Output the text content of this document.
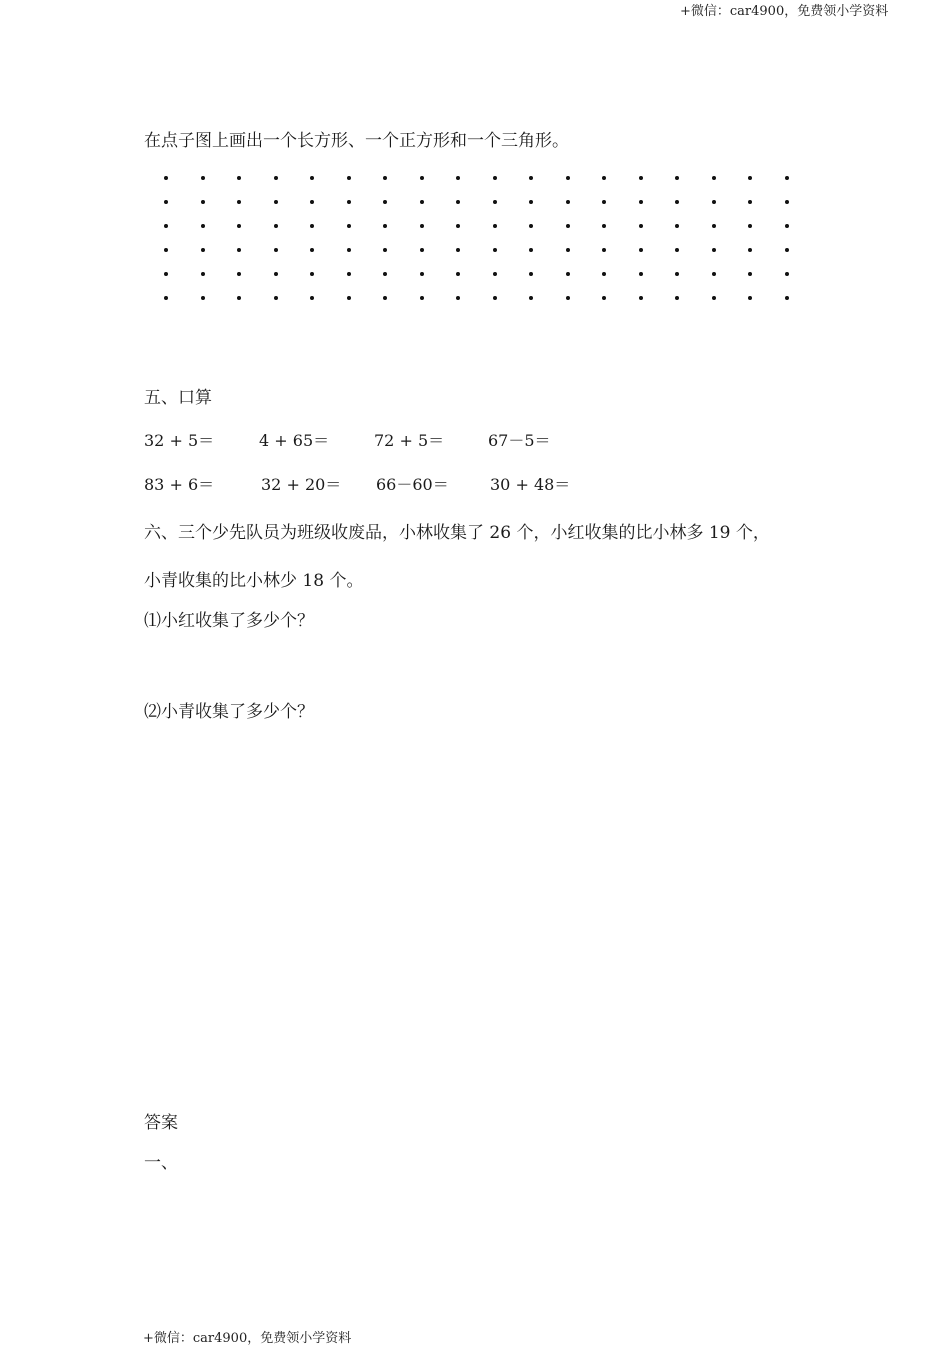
+微信：car4900，免费领小学资料
在点子图上画出一个长方形、一个正方形和一个三角形。
五、口算
32 + 5＝	4 + 65＝	72 + 5＝	67－5＝
83 + 6＝	32 + 20＝ 66－60＝	30 + 48＝
六、三个少先队员为班级收废品，小林收集了 26 个，小红收集的比小林多 19 个，
小青收集的比小林少 18 个。
⑴小红收集了多少个？
⑵小青收集了多少个？
答案
一、
+微信：car4900，免费领小学资料
